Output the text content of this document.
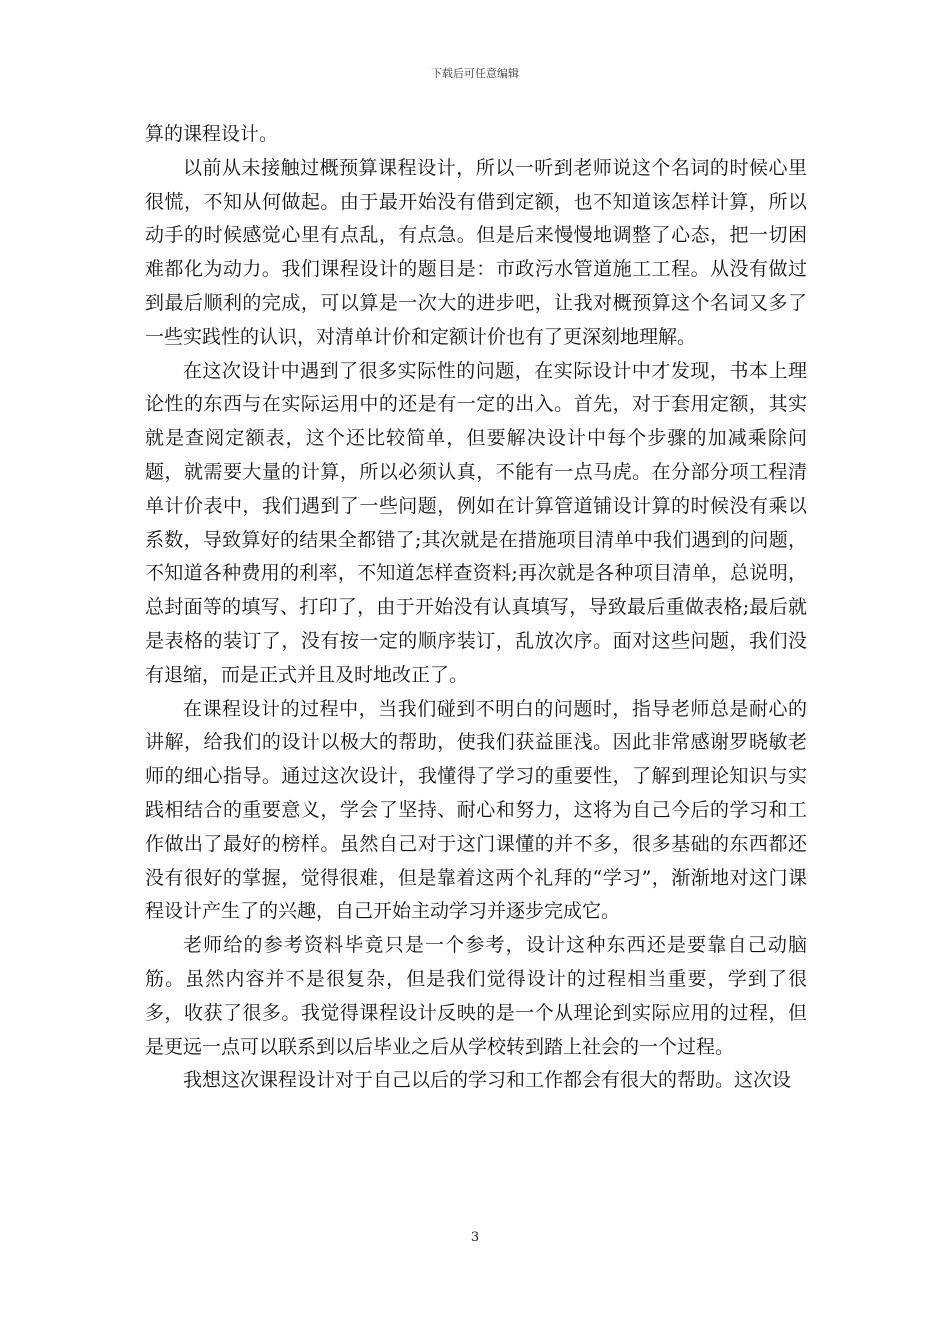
下载后可任意编辑

算的课程设计。

以前从未接触过概预算课程设计，所以一听到老师说这个名词的时候心里很慌，不知从何做起。由于最开始没有借到定额，也不知道该怎样计算，所以动手的时候感觉心里有点乱，有点急。但是后来慢慢地调整了心态，把一切困难都化为动力。我们课程设计的题目是：市政污水管道施工工程。从没有做过到最后顺利的完成，可以算是一次大的进步吧，让我对概预算这个名词又多了一些实践性的认识，对清单计价和定额计价也有了更深刻地理解。

在这次设计中遇到了很多实际性的问题，在实际设计中才发现，书本上理论性的东西与在实际运用中的还是有一定的出入。首先，对于套用定额，其实就是查阅定额表，这个还比较简单，但要解决设计中每个步骤的加减乘除问题，就需要大量的计算，所以必须认真，不能有一点马虎。在分部分项工程清单计价表中，我们遇到了一些问题，例如在计算管道铺设计算的时候没有乘以系数，导致算好的结果全都错了;其次就是在措施项目清单中我们遇到的问题，不知道各种费用的利率，不知道怎样查资料;再次就是各种项目清单，总说明，总封面等的填写、打印了，由于开始没有认真填写，导致最后重做表格;最后就是表格的装订了，没有按一定的顺序装订，乱放次序。面对这些问题，我们没有退缩，而是正式并且及时地改正了。

在课程设计的过程中，当我们碰到不明白的问题时，指导老师总是耐心的讲解，给我们的设计以极大的帮助，使我们获益匪浅。因此非常感谢罗晓敏老师的细心指导。通过这次设计，我懂得了学习的重要性，了解到理论知识与实践相结合的重要意义，学会了坚持、耐心和努力，这将为自己今后的学习和工作做出了最好的榜样。虽然自己对于这门课懂的并不多，很多基础的东西都还没有很好的掌握，觉得很难，但是靠着这两个礼拜的“学习”，渐渐地对这门课程设计产生了的兴趣，自己开始主动学习并逐步完成它。

老师给的参考资料毕竟只是一个参考，设计这种东西还是要靠自己动脑筋。虽然内容并不是很复杂，但是我们觉得设计的过程相当重要，学到了很多，收获了很多。我觉得课程设计反映的是一个从理论到实际应用的过程，但是更远一点可以联系到以后毕业之后从学校转到踏上社会的一个过程。

我想这次课程设计对于自己以后的学习和工作都会有很大的帮助。这次设

3
